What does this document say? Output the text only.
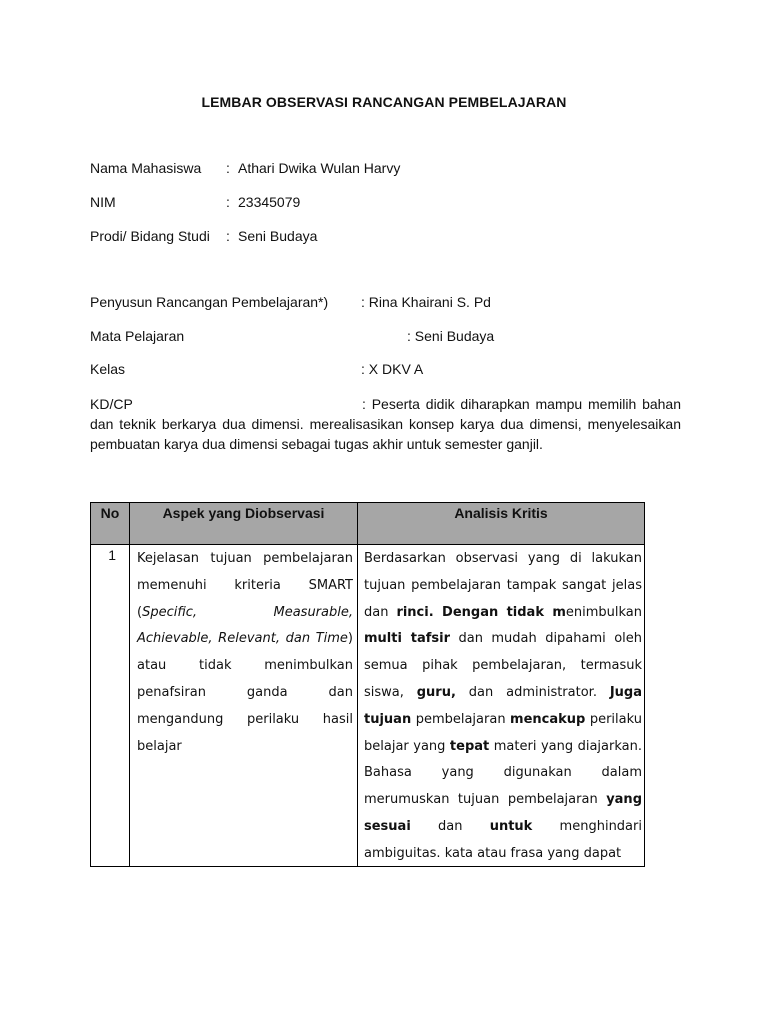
LEMBAR OBSERVASI RANCANGAN PEMBELAJARAN
Nama Mahasiswa : Athari Dwika Wulan Harvy
NIM	: 23345079
Prodi/ Bidang Studi : Seni Budaya
Penyusun Rancangan Pembelajaran*) : Rina Khairani S. Pd
Mata Pelajaran	: Seni Budaya
Kelas	: X DKV A
KD/CP	: Peserta didik diharapkan mampu memilih bahan dan teknik berkarya dua dimensi. merealisasikan konsep karya dua dimensi, menyelesaikan pembuatan karya dua dimensi sebagai tugas akhir untuk semester ganjil.
No	Aspek yang Diobservasi	Analisis Kritis
1	Kejelasan tujuan pembelajaran memenuhi kriteria SMART (Specific, Measurable, Achievable, Relevant, dan Time) atau tidak menimbulkan penafsiran ganda dan mengandung perilaku hasil belajar	Berdasarkan observasi yang di lakukan tujuan pembelajaran tampak sangat jelas dan rinci. Dengan tidak menimbulkan multi tafsir dan mudah dipahami oleh semua pihak pembelajaran, termasuk siswa, guru, dan administrator. Juga tujuan pembelajaran mencakup perilaku belajar yang tepat materi yang diajarkan. Bahasa yang digunakan dalam merumuskan tujuan pembelajaran yang sesuai dan untuk menghindari ambiguitas. kata atau frasa yang dapat
